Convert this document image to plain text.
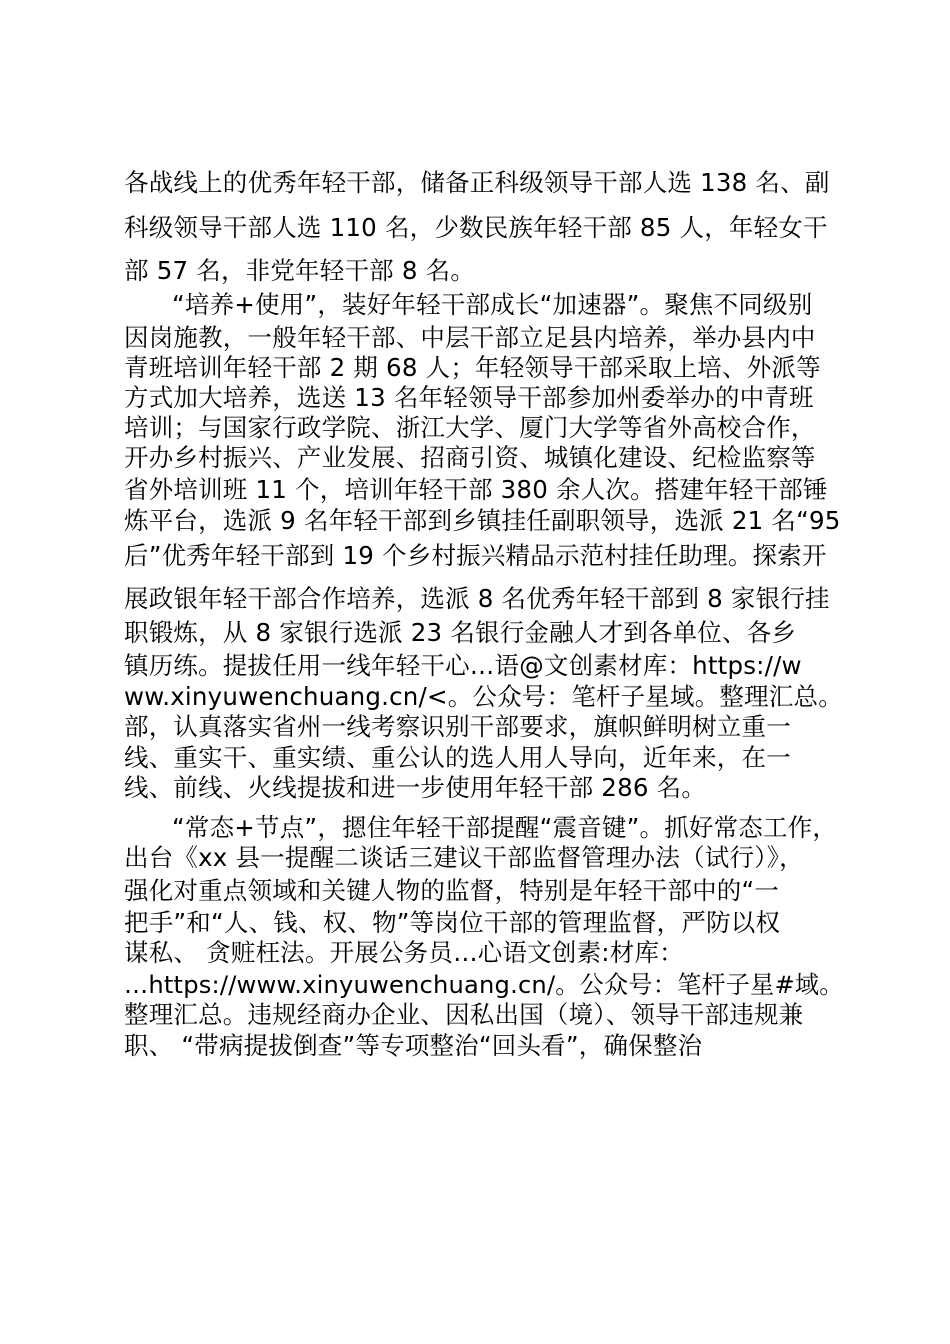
各战线上的优秀年轻干部，储备正科级领导干部人选 138 名、副
科级领导干部人选 110 名，少数民族年轻干部 85 人，年轻女干
部 57 名，非党年轻干部 8 名。
“培养+使用”，装好年轻干部成长“加速器”。聚焦不同级别
因岗施教，一般年轻干部、中层干部立足县内培养，举办县内中
青班培训年轻干部 2 期 68 人；年轻领导干部采取上培、外派等
方式加大培养，选送 13 名年轻领导干部参加州委举办的中青班
培训；与国家行政学院、浙江大学、厦门大学等省外高校合作，
开办乡村振兴、产业发展、招商引资、城镇化建设、纪检监察等
省外培训班 11 个，培训年轻干部 380 余人次。搭建年轻干部锤
炼平台，选派 9 名年轻干部到乡镇挂任副职领导，选派 21 名“95
后”优秀年轻干部到 19 个乡村振兴精品示范村挂任助理。探索开
展政银年轻干部合作培养，选派 8 名优秀年轻干部到 8 家银行挂
职锻炼，从 8 家银行选派 23 名银行金融人才到各单位、各乡
镇历练。提拔任用一线年轻干心…语@文创素材库：https://w
ww.xinyuwenchuang.cn/<。公众号：笔杆子星域。整理汇总。
部，认真落实省州一线考察识别干部要求，旗帜鲜明树立重一
线、重实干、重实绩、重公认的选人用人导向，近年来，在一
线、前线、火线提拔和进一步使用年轻干部 286 名。
“常态+节点”，摁住年轻干部提醒“震音键”。抓好常态工作，
出台《xx 县一提醒二谈话三建议干部监督管理办法（试行）》，
强化对重点领域和关键人物的监督，特别是年轻干部中的“一
把手”和“人、钱、权、物”等岗位干部的管理监督，严防以权
谋私、 贪赃枉法。开展公务员…心语文创素:材库：
…https://www.xinyuwenchuang.cn/。公众号：笔杆子星#域。
整理汇总。违规经商办企业、因私出国（境）、领导干部违规兼
职、 “带病提拔倒查”等专项整治“回头看”，确保整治
